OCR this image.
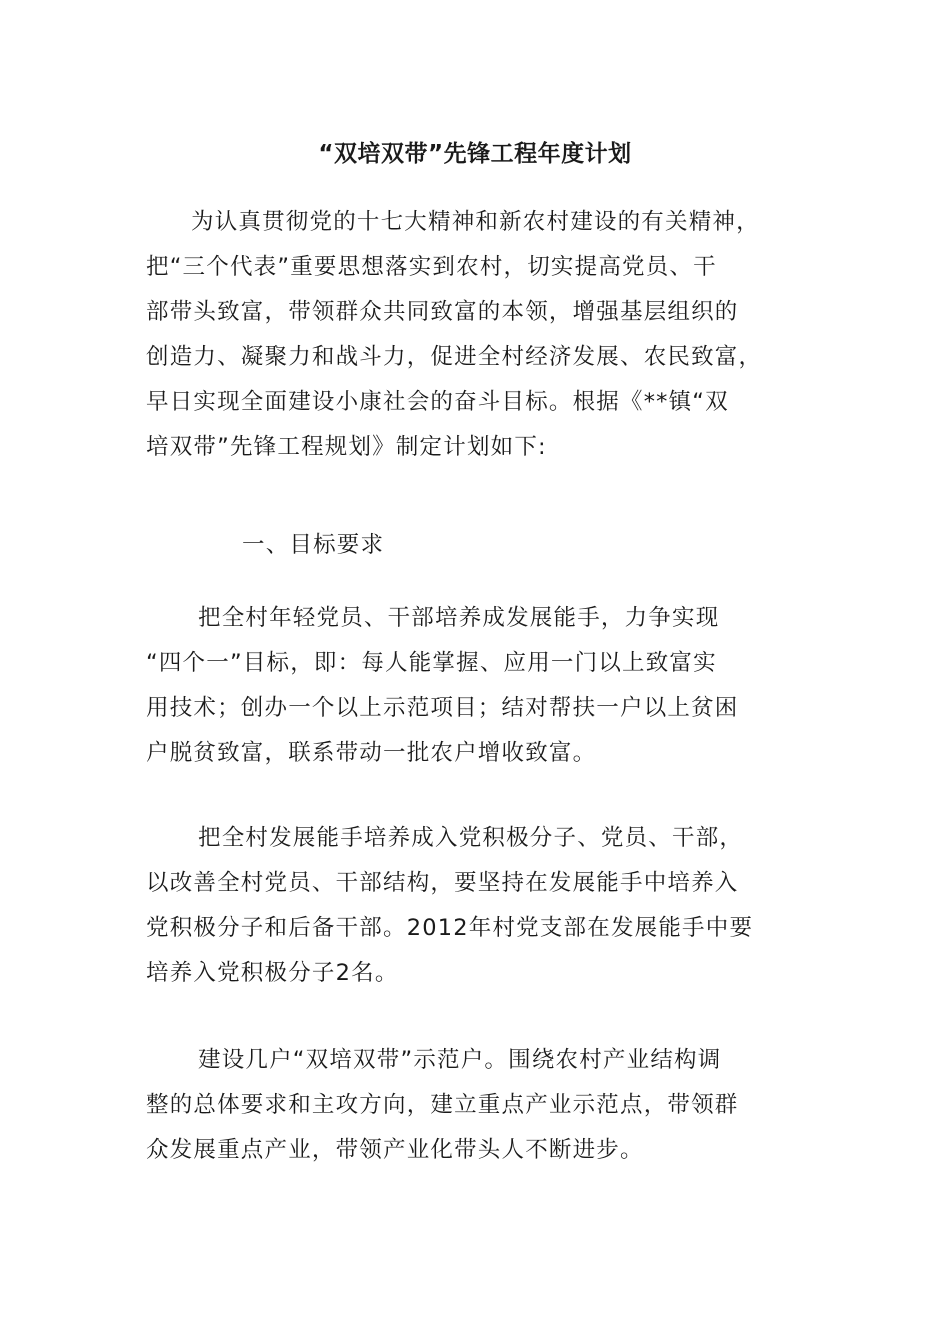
“双培双带”先锋工程年度计划

为认真贯彻党的十七大精神和新农村建设的有关精神，
把“三个代表”重要思想落实到农村，切实提高党员、干
部带头致富，带领群众共同致富的本领，增强基层组织的
创造力、凝聚力和战斗力，促进全村经济发展、农民致富，
早日实现全面建设小康社会的奋斗目标。根据《**镇“双
培双带”先锋工程规划》制定计划如下:

一、目标要求

把全村年轻党员、干部培养成发展能手，力争实现
“四个一”目标，即：每人能掌握、应用一门以上致富实
用技术；创办一个以上示范项目；结对帮扶一户以上贫困
户脱贫致富，联系带动一批农户增收致富。

把全村发展能手培养成入党积极分子、党员、干部，
以改善全村党员、干部结构，要坚持在发展能手中培养入
党积极分子和后备干部。2012年村党支部在发展能手中要
培养入党积极分子2名。

建设几户“双培双带”示范户。围绕农村产业结构调
整的总体要求和主攻方向，建立重点产业示范点，带领群
众发展重点产业，带领产业化带头人不断进步。
